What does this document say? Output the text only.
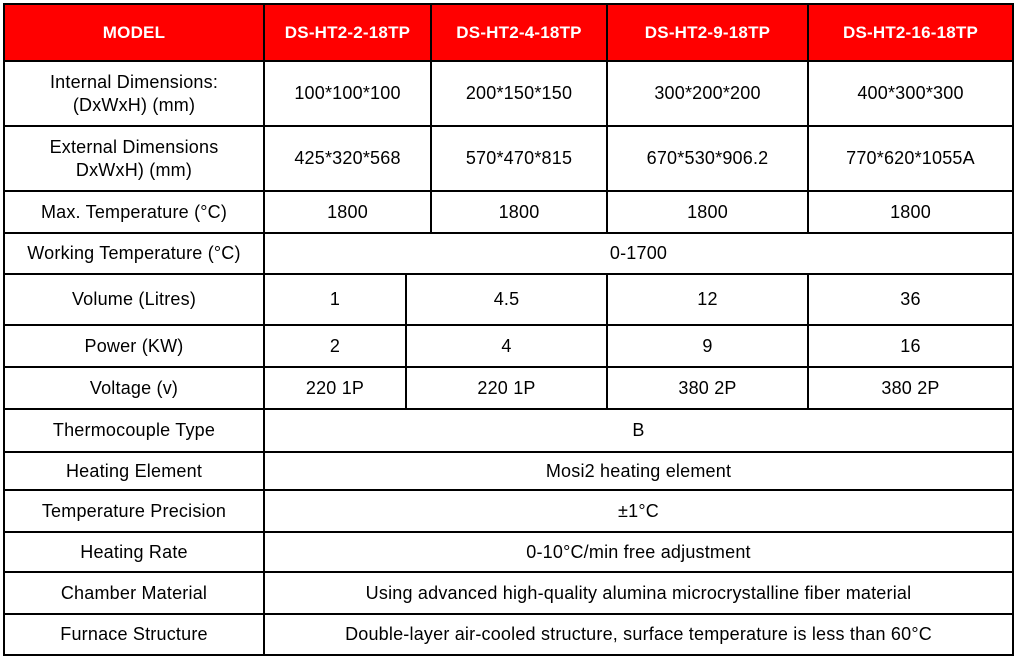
MODEL	DS-HT2-2-18TP		DS-HT2-4-18TP	DS-HT2-9-18TP	DS-HT2-16-18TP
Internal Dimensions:
(DxWxH) (mm)	100*100*100		200*150*150	300*200*200	400*300*300
External Dimensions
DxWxH) (mm)	425*320*568		570*470*815	670*530*906.2	770*620*1055A
Max. Temperature (°C)	1800		1800	1800	1800
Working Temperature (°C)	0-1700				
Volume (Litres)	1	4.5		12	36
Power (KW)	2	4		9	16
Voltage (v)	220 1P	220 1P		380 2P	380 2P
Thermocouple Type	B				
Heating Element	Mosi2 heating element				
Temperature Precision	±1°C				
Heating Rate	0-10°C/min free adjustment				
Chamber Material	Using advanced high-quality alumina microcrystalline fiber material				
Furnace Structure	Double-layer air-cooled structure, surface temperature is less than 60°C				
